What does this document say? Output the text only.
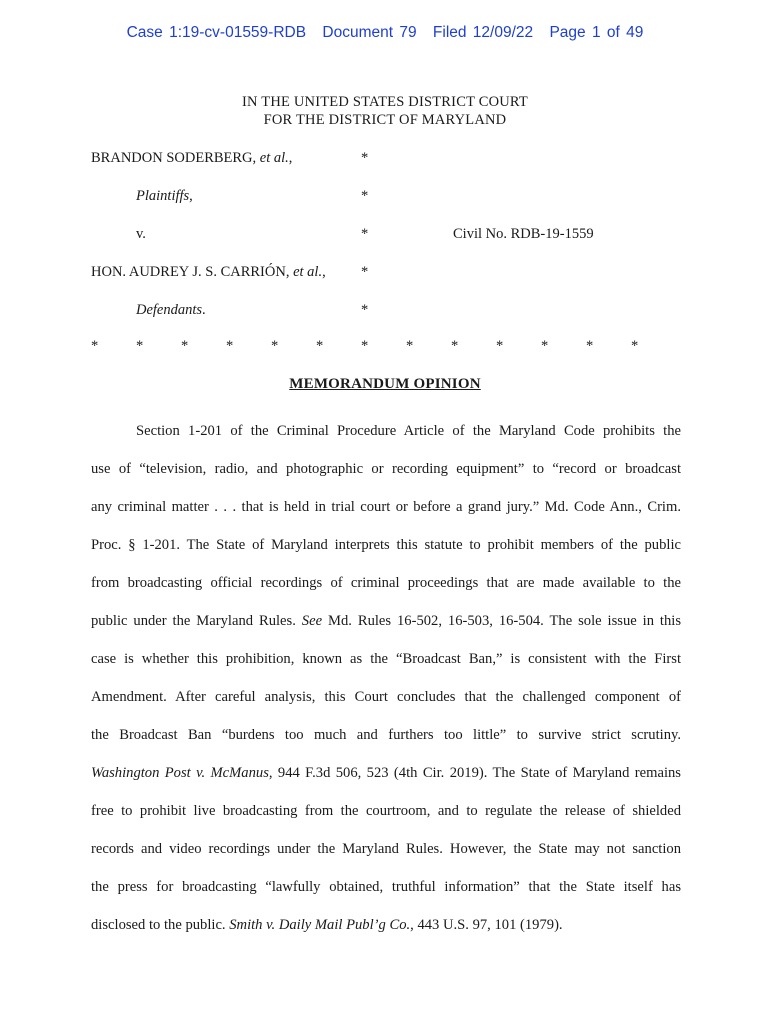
Case 1:19-cv-01559-RDB Document 79 Filed 12/09/22 Page 1 of 49
IN THE UNITED STATES DISTRICT COURT
FOR THE DISTRICT OF MARYLAND
BRANDON SODERBERG, et al.,	*
Plaintiffs,	*
v.	*	Civil No. RDB-19-1559
HON. AUDREY J. S. CARRIÓN, et al., *
Defendants.	*
*	*	*	*	*	*	*	*	*	*	*	*	*
MEMORANDUM OPINION
Section 1-201 of the Criminal Procedure Article of the Maryland Code prohibits the
use of “television, radio, and photographic or recording equipment” to “record or broadcast
any criminal matter . . . that is held in trial court or before a grand jury.” Md. Code Ann., Crim.
Proc. § 1-201. The State of Maryland interprets this statute to prohibit members of the public
from broadcasting official recordings of criminal proceedings that are made available to the
public under the Maryland Rules. See Md. Rules 16-502, 16-503, 16-504. The sole issue in this
case is whether this prohibition, known as the “Broadcast Ban,” is consistent with the First
Amendment. After careful analysis, this Court concludes that the challenged component of
the Broadcast Ban “burdens too much and furthers too little” to survive strict scrutiny.
Washington Post v. McManus, 944 F.3d 506, 523 (4th Cir. 2019). The State of Maryland remains
free to prohibit live broadcasting from the courtroom, and to regulate the release of shielded
records and video recordings under the Maryland Rules. However, the State may not sanction
the press for broadcasting “lawfully obtained, truthful information” that the State itself has
disclosed to the public. Smith v. Daily Mail Publ’g Co., 443 U.S. 97, 101 (1979).
